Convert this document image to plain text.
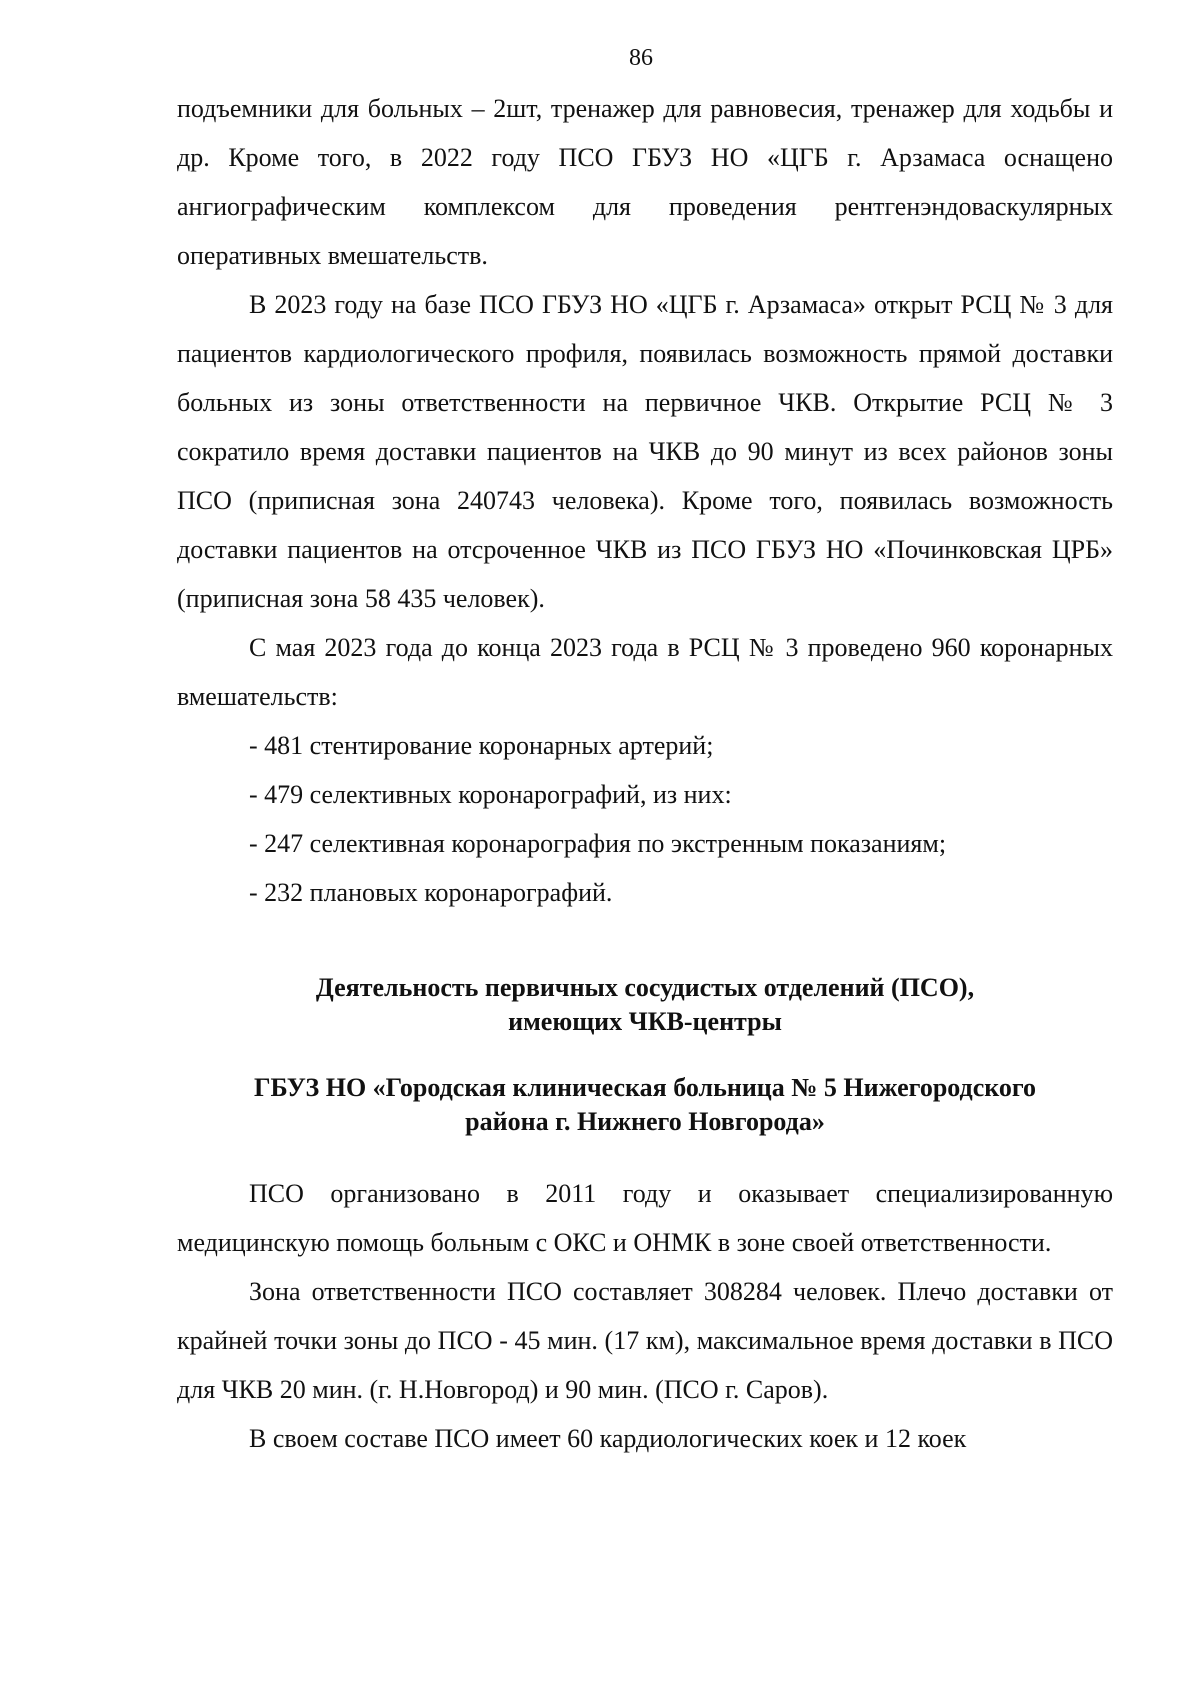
86

подъемники для больных – 2шт, тренажер для равновесия, тренажер для ходьбы и др. Кроме того, в 2022 году ПСО ГБУЗ НО «ЦГБ г. Арзамаса оснащено ангиографическим комплексом для проведения рентгенэндоваскулярных оперативных вмешательств.

В 2023 году на базе ПСО ГБУЗ НО «ЦГБ г. Арзамаса» открыт РСЦ № 3 для пациентов кардиологического профиля, появилась возможность прямой доставки больных из зоны ответственности на первичное ЧКВ. Открытие РСЦ № 3 сократило время доставки пациентов на ЧКВ до 90 минут из всех районов зоны ПСО (приписная зона 240743 человека). Кроме того, появилась возможность доставки пациентов на отсроченное ЧКВ из ПСО ГБУЗ НО «Починковская ЦРБ» (приписная зона 58 435 человек).

С мая 2023 года до конца 2023 года в РСЦ № 3 проведено 960 коронарных вмешательств:

- 481 стентирование коронарных артерий;

- 479 селективных коронарографий, из них:

- 247 селективная коронарография по экстренным показаниям;

- 232 плановых коронарографий.

Деятельность первичных сосудистых отделений (ПСО),
имеющих ЧКВ-центры
ГБУЗ НО «Городская клиническая больница № 5 Нижегородского
района г. Нижнего Новгорода»

ПСО организовано в 2011 году и оказывает специализированную медицинскую помощь больным с ОКС и ОНМК в зоне своей ответственности.

Зона ответственности ПСО составляет 308284 человек. Плечо доставки от крайней точки зоны до ПСО - 45 мин. (17 км), максимальное время доставки в ПСО для ЧКВ 20 мин. (г. Н.Новгород) и 90 мин. (ПСО г. Саров).

В своем составе ПСО имеет 60 кардиологических коек и 12 коек
